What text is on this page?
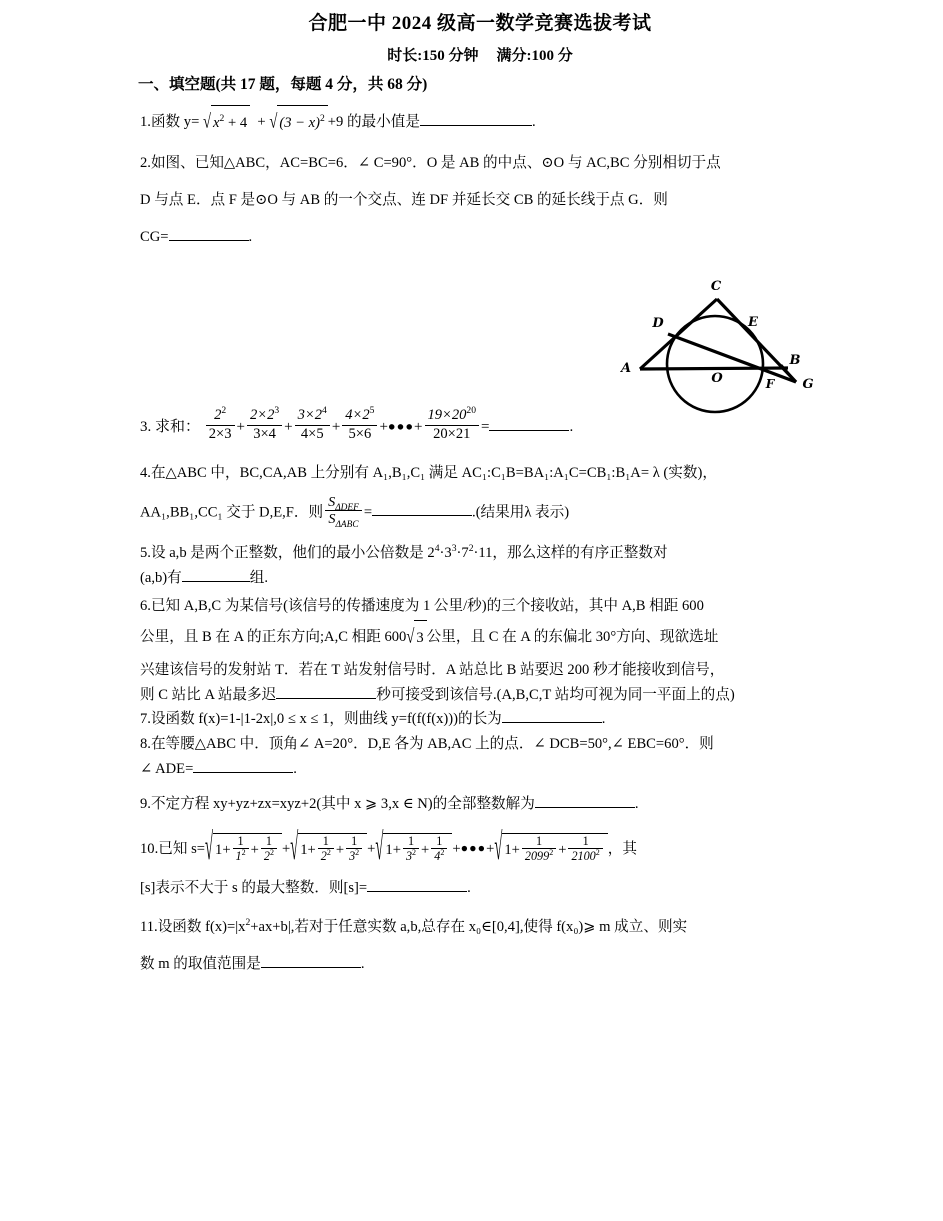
合肥一中 2024 级高一数学竞赛选拔考试
时长:150 分钟 满分:100 分
一、填空题(共 17 题，每题 4 分，共 68 分)
1.函数 y= √ $x^2 + 4$ + √ $(3 - x)^2 +9$ 的最小值是	.
2.如图、已知△ABC，AC=BC=6．∠ C=90°．O 是 AB 的中点、⊙O 与 AC,BC 分别相切于点
D 与点 E．点 F 是⊙O 与 AB 的一个交点、连 DF 并延长交 CB 的延长线于点 G．则
CG=	.
3. 求和： $\frac{2^2}{2\times 3} + \frac{2\times 2^3}{3\times 4} + \frac{3\times 2^4}{4\times 5} + \frac{4\times 2^5}{5\times 6}$ +●●●+ $\frac{19\times 20^{20}}{20\times 21}$ =	.
4.在△ABC 中，BC,CA,AB 上分别有 A₁,B₁,C₁ 满足 AC₁:C₁B=BA₁:A₁C=CB₁:B₁A= λ (实数)，
AA₁,BB₁,CC₁ 交于 D,E,F．则 $\frac{S_{\Delta DEF}}{S_{\Delta ABC}}$ =	.(结果用λ 表示)
5.设 a,b 是两个正整数，他们的最小公倍数是 $2^4\cdot 3^3\cdot 7^2\cdot 11$，那么这样的有序正整数对
(a,b)有	组.
6.已知 A,B,C 为某信号(该信号的传播速度为 1 公里/秒)的三个接收站，其中 A,B 相距 600
公里，且 B 在 A 的正东方向;A,C 相距 600√ 3 公里，且 C 在 A 的东偏北 30°方向、现欲选址
兴建该信号的发射站 T．若在 T 站发射信号时．A 站总比 B 站要迟 200 秒才能接收到信号，
则 C 站比 A 站最多迟	秒可接受到该信号.(A,B,C,T 站均可视为同一平面上的点)
7.设函数 f(x)=1-|1-2x|,0 ≤ x ≤ 1，则曲线 y=f(f(f(x)))的长为	.
8.在等腰△ABC 中．顶角∠ A=20°．D,E 各为 AB,AC 上的点．∠ DCB=50°,∠ EBC=60°．则
∠ ADE=	.
9.不定方程 xy+yz+zx=xyz+2(其中 x ⩾ 3,x ∈ N)的全部整数解为	.
10. 已知 s= √ $1+ \frac{1}{1^2} + \frac{1}{2^2}$ + √ $1+ \frac{1}{2^2} + \frac{1}{3^2}$ + √ $1+ \frac{1}{3^2} + \frac{1}{4^2}$ + ●●● + √ $1+ \frac{1}{2099^2} + \frac{1}{2100^2}$ ，其
[s]表示不大于 s 的最大整数．则[s]=	.
11.设函数 $f(x)=|x^2+ax+b|$,若对于任意实数 a,b,总存在 x₀∈[0,4],使得 f(x₀)⩾ m 成立、则实
数 m 的取值范围是	.
C
D	E
A
O
B
F G
